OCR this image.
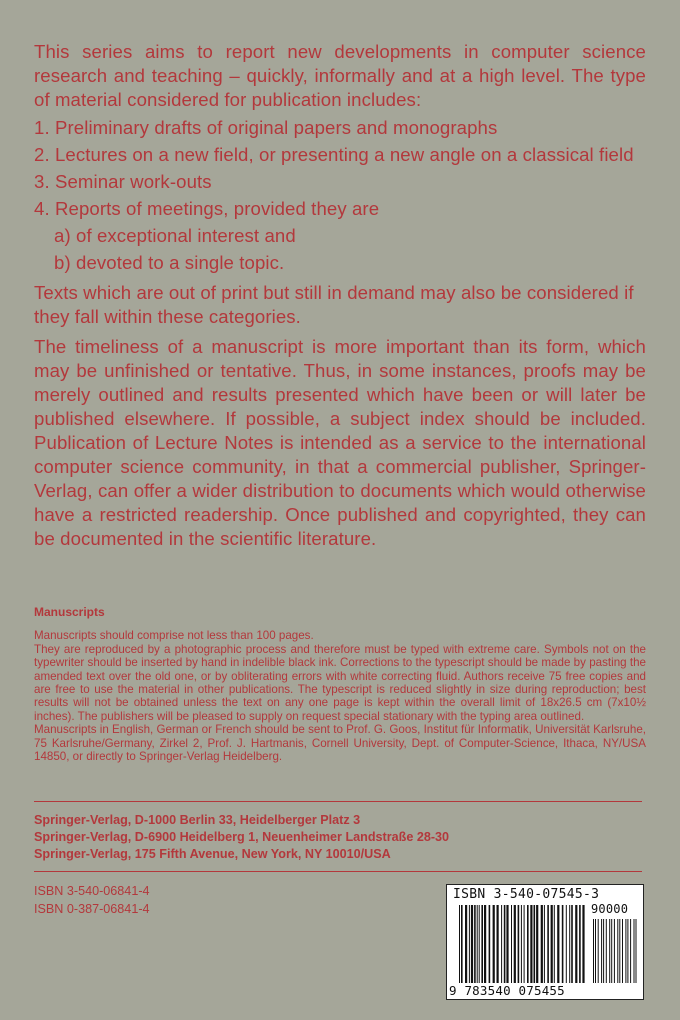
This series aims to report new developments in computer science research and teaching – quickly, informally and at a high level. The type of material considered for publication includes:

1. Preliminary drafts of original papers and monographs
2. Lectures on a new field, or presenting a new angle on a classical field
3. Seminar work-outs
4. Reports of meetings, provided they are
a) of exceptional interest and
b) devoted to a single topic.

Texts which are out of print but still in demand may also be considered if they fall within these categories.

The timeliness of a manuscript is more important than its form, which may be unfinished or tentative. Thus, in some instances, proofs may be merely outlined and results presented which have been or will later be published elsewhere. If possible, a subject index should be included. Publication of Lecture Notes is intended as a service to the international computer science community, in that a commercial publisher, Springer-Verlag, can offer a wider distribution to documents which would otherwise have a restricted readership. Once published and copyrighted, they can be documented in the scientific literature.

Manuscripts

Manuscripts should comprise not less than 100 pages.

They are reproduced by a photographic process and therefore must be typed with extreme care. Symbols not on the typewriter should be inserted by hand in indelible black ink. Corrections to the typescript should be made by pasting the amended text over the old one, or by obliterating errors with white correcting fluid. Authors receive 75 free copies and are free to use the material in other publications. The typescript is reduced slightly in size during reproduction; best results will not be obtained unless the text on any one page is kept within the overall limit of 18x26.5 cm (7x10½ inches). The publishers will be pleased to supply on request special stationary with the typing area outlined.

Manuscripts in English, German or French should be sent to Prof. G. Goos, Institut für Informatik, Universität Karlsruhe, 75 Karlsruhe/Germany, Zirkel 2, Prof. J. Hartmanis, Cornell University, Dept. of Computer-Science, Ithaca, NY/USA 14850, or directly to Springer-Verlag Heidelberg.

Springer-Verlag, D-1000 Berlin 33, Heidelberger Platz 3
Springer-Verlag, D-6900 Heidelberg 1, Neuenheimer Landstraße 28-30
Springer-Verlag, 175 Fifth Avenue, New York, NY 10010/USA
ISBN 3-540-06841-4
ISBN 0-387-06841-4
ISBN 3-540-07545-3
90000
9 783540 075455
